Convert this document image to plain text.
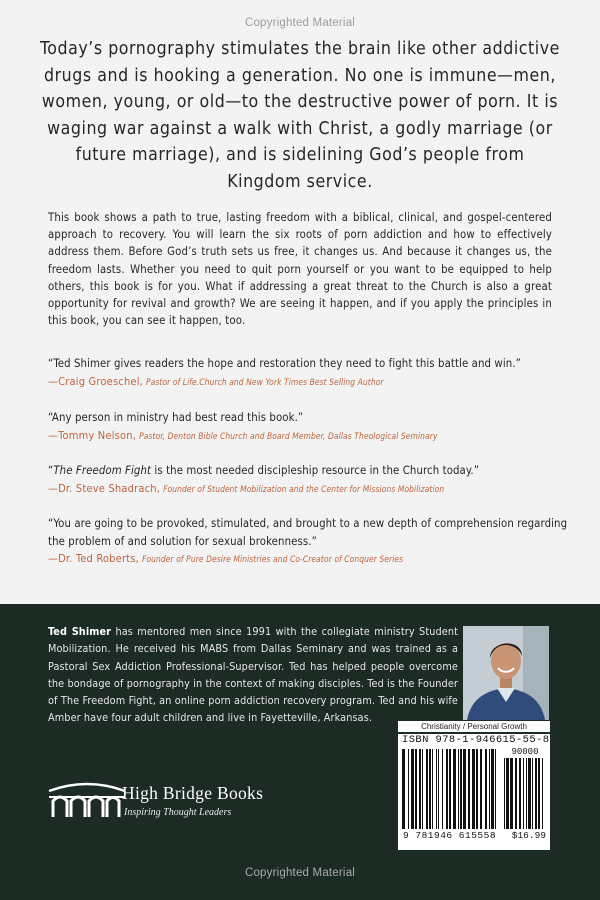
Copyrighted Material

Today’s pornography stimulates the brain like other addictive drugs and is hooking a generation. No one is immune—men, women, young, or old—to the destructive power of porn. It is waging war against a walk with Christ, a godly marriage (or future marriage), and is sidelining God’s people from Kingdom service.

This book shows a path to true, lasting freedom with a biblical, clinical, and gospel-centered approach to recovery. You will learn the six roots of porn addiction and how to effectively address them. Before God’s truth sets us free, it changes us. And because it changes us, the freedom lasts. Whether you need to quit porn yourself or you want to be equipped to help others, this book is for you. What if addressing a great threat to the Church is also a great opportunity for revival and growth? We are seeing it happen, and if you apply the principles in this book, you can see it happen, too.

“Ted Shimer gives readers the hope and restoration they need to fight this battle and win.”

—Craig Groeschel, Pastor of Life.Church and New York Times Best Selling Author

“Any person in ministry had best read this book.”

—Tommy Nelson, Pastor, Denton Bible Church and Board Member, Dallas Theological Seminary

“The Freedom Fight is the most needed discipleship resource in the Church today.”

—Dr. Steve Shadrach, Founder of Student Mobilization and the Center for Missions Mobilization

“You are going to be provoked, stimulated, and brought to a new depth of comprehension regarding the problem of and solution for sexual brokenness.”

—Dr. Ted Roberts, Founder of Pure Desire Ministries and Co-Creator of Conquer Series

Ted Shimer has mentored men since 1991 with the collegiate ministry Student Mobilization. He received his MABS from Dallas Seminary and was trained as a Pastoral Sex Addiction Professional-Supervisor. Ted has helped people overcome the bondage of pornography in the context of making disciples. Ted is the Founder of The Freedom Fight, an online porn addiction recovery program. Ted and his wife Amber have four adult children and live in Fayetteville, Arkansas.

Christianity / Personal Growth
ISBN 978-1-946615-55-8
90000
9 781946 615558 $16.99
High Bridge Books
Inspiring Thought Leaders
Copyrighted Material
